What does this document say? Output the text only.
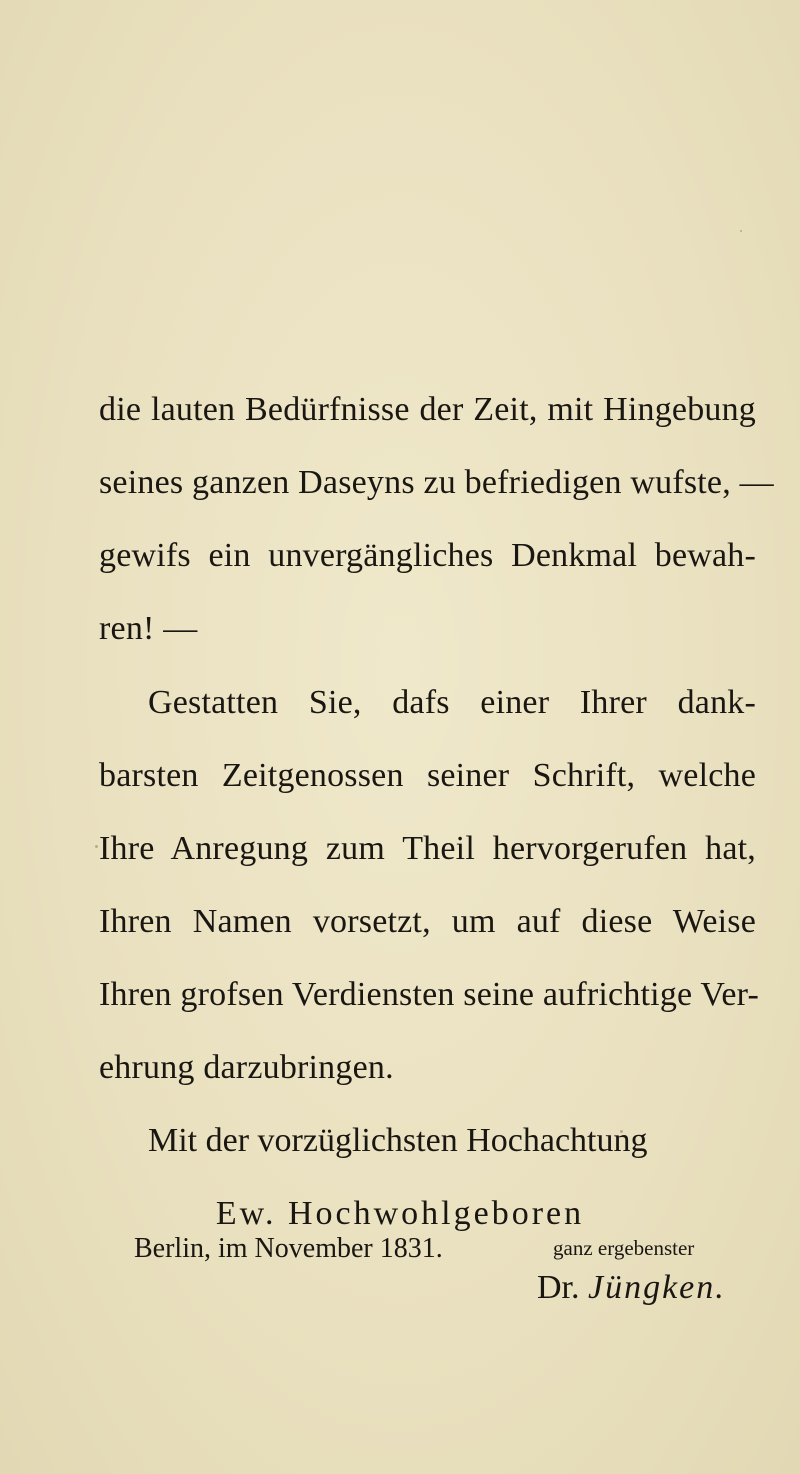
die lauten Bedürfnisse der Zeit, mit Hingebung
seines ganzen Daseyns zu befriedigen wufste, —
gewifs ein unvergängliches Denkmal bewah-
ren! —
Gestatten Sie, dafs einer Ihrer dank-
barsten Zeitgenossen seiner Schrift, welche
Ihre Anregung zum Theil hervorgerufen hat,
Ihren Namen vorsetzt, um auf diese Weise
Ihren grofsen Verdiensten seine aufrichtige Ver-
ehrung darzubringen.
Mit der vorzüglichsten Hochachtung
Ew. Hochwohlgeboren
Berlin, im November 1831.	ganz ergebenster
Dr. Jüngken.
